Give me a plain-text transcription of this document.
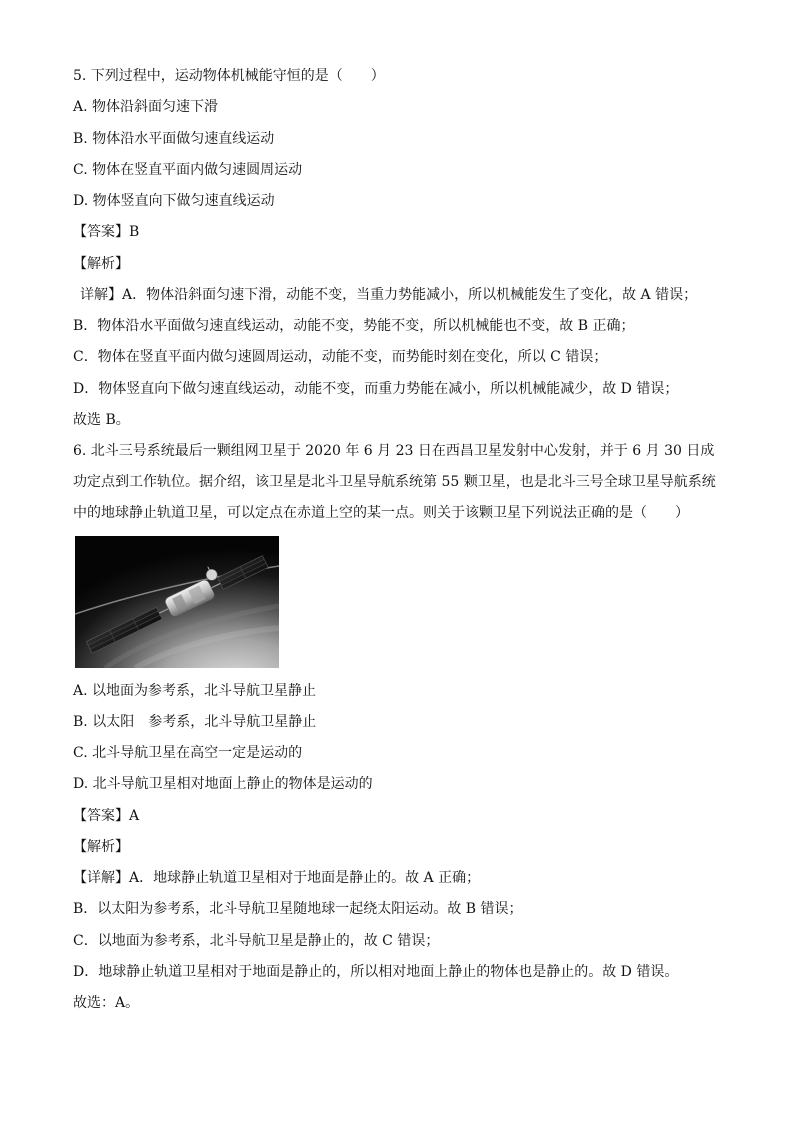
5. 下列过程中，运动物体机械能守恒的是（　　）
A. 物体沿斜面匀速下滑
B. 物体沿水平面做匀速直线运动
C. 物体在竖直平面内做匀速圆周运动
D. 物体竖直向下做匀速直线运动
【答案】B
【解析】
详解】A．物体沿斜面匀速下滑，动能不变，当重力势能减小，所以机械能发生了变化，故 A 错误；
B．物体沿水平面做匀速直线运动，动能不变，势能不变，所以机械能也不变，故 B 正确；
C．物体在竖直平面内做匀速圆周运动，动能不变，而势能时刻在变化，所以 C 错误；
D．物体竖直向下做匀速直线运动，动能不变，而重力势能在减小，所以机械能减少，故 D 错误；
故选 B。

6. 北斗三号系统最后一颗组网卫星于 2020 年 6 月 23 日在西昌卫星发射中心发射，并于 6 月 30 日成功定点到工作轨位。据介绍，该卫星是北斗卫星导航系统第 55 颗卫星，也是北斗三号全球卫星导航系统中的地球静止轨道卫星，可以定点在赤道上空的某一点。则关于该颗卫星下列说法正确的是（　　）

A. 以地面为参考系，北斗导航卫星静止
B. 以太阳　参考系，北斗导航卫星静止
C. 北斗导航卫星在高空一定是运动的
D. 北斗导航卫星相对地面上静止的物体是运动的
【答案】A
【解析】
【详解】A．地球静止轨道卫星相对于地面是静止的。故 A 正确；
B．以太阳为参考系，北斗导航卫星随地球一起绕太阳运动。故 B 错误；
C．以地面为参考系，北斗导航卫星是静止的，故 C 错误；
D．地球静止轨道卫星相对于地面是静止的，所以相对地面上静止的物体也是静止的。故 D 错误。
故选：A。
